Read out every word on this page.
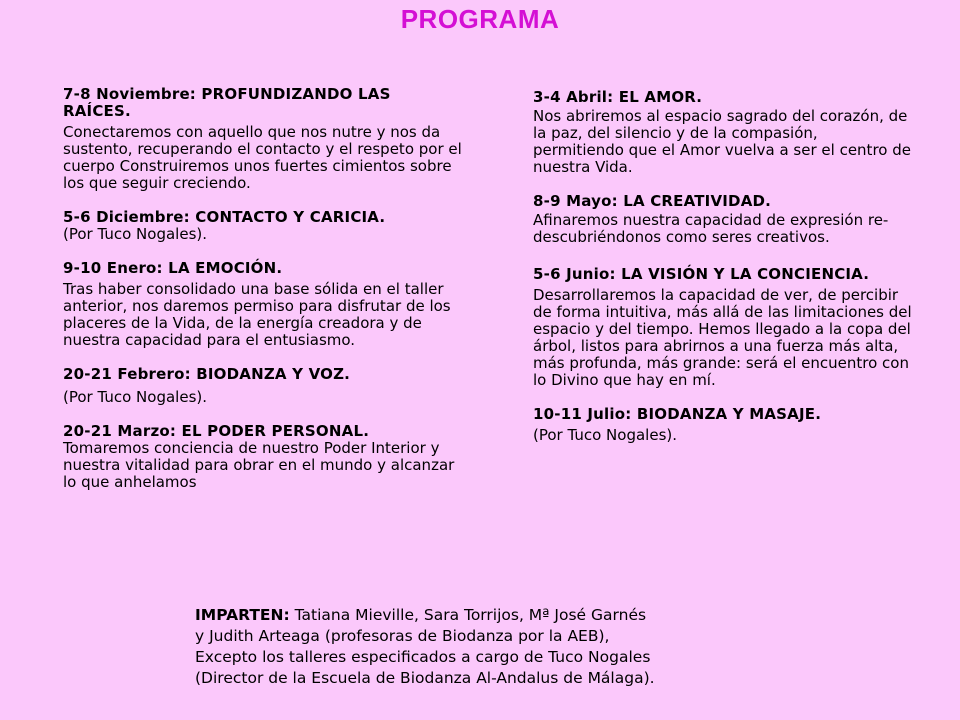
PROGRAMA
7-8 Noviembre: PROFUNDIZANDO LAS RAÍCES.
Conectaremos con aquello que nos nutre y nos da sustento, recuperando el contacto y el respeto por el cuerpo Construiremos unos fuertes cimientos sobre los que seguir creciendo.
5-6 Diciembre: CONTACTO Y CARICIA.
(Por Tuco Nogales).
9-10 Enero: LA EMOCIÓN.
Tras haber consolidado una base sólida en el taller anterior, nos daremos permiso para disfrutar de los placeres de la Vida, de la energía creadora y de nuestra capacidad para el entusiasmo.
20-21 Febrero: BIODANZA Y VOZ.
(Por Tuco Nogales).
20-21 Marzo: EL PODER PERSONAL.
Tomaremos conciencia de nuestro Poder Interior y nuestra vitalidad para obrar en el mundo y alcanzar lo que anhelamos
3-4 Abril: EL AMOR.
Nos abriremos al espacio sagrado del corazón, de la paz, del silencio y de la compasión, permitiendo que el Amor vuelva a ser el centro de nuestra Vida.
8-9 Mayo: LA CREATIVIDAD.
Afinaremos nuestra capacidad de expresión re-descubriéndonos como seres creativos.
5-6 Junio: LA VISIÓN Y LA CONCIENCIA.
Desarrollaremos la capacidad de ver, de percibir de forma intuitiva, más allá de las limitaciones del espacio y del tiempo. Hemos llegado a la copa del árbol, listos para abrirnos a una fuerza más alta, más profunda, más grande: será el encuentro con lo Divino que hay en mí.
10-11 Julio: BIODANZA Y MASAJE.
(Por Tuco Nogales).
IMPARTEN: Tatiana Mieville, Sara Torrijos, Mª José Garnés
y Judith Arteaga (profesoras de Biodanza por la AEB),
Excepto los talleres especificados a cargo de Tuco Nogales
(Director de la Escuela de Biodanza Al-Andalus de Málaga).
